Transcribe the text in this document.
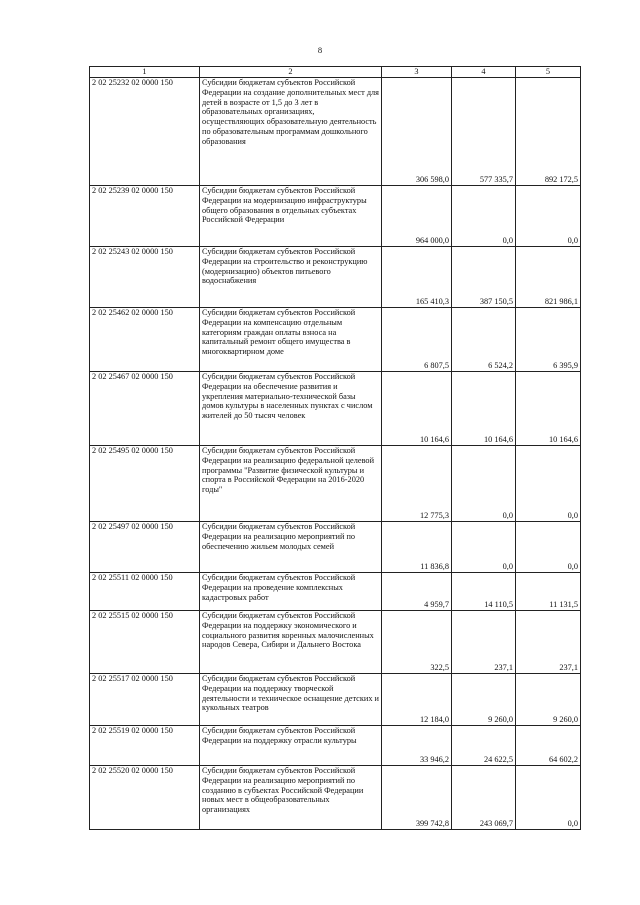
8
1	2	3	4	5
2 02 25232 02 0000 150	Субсидии бюджетам субъектов Российской Федерации на создание дополнительных мест для детей в возрасте от 1,5 до 3 лет в образовательных организациях, осуществляющих образовательную деятельность по образовательным программам дошкольного образования	306 598,0	577 335,7	892 172,5
2 02 25239 02 0000 150	Субсидии бюджетам субъектов Российской Федерации на модернизацию инфраструктуры общего образования в отдельных субъектах Российской Федерации	964 000,0	0,0	0,0
2 02 25243 02 0000 150	Субсидии бюджетам субъектов Российской Федерации на строительство и реконструкцию (модернизацию) объектов питьевого водоснабжения	165 410,3	387 150,5	821 986,1
2 02 25462 02 0000 150	Субсидии бюджетам субъектов Российской Федерации на компенсацию отдельным категориям граждан оплаты взноса на капитальный ремонт общего имущества в многоквартирном доме	6 807,5	6 524,2	6 395,9
2 02 25467 02 0000 150	Субсидии бюджетам субъектов Российской Федерации на обеспечение развития и укрепления материально-технической базы домов культуры в населенных пунктах с числом жителей до 50 тысяч человек	10 164,6	10 164,6	10 164,6
2 02 25495 02 0000 150	Субсидии бюджетам субъектов Российской Федерации на реализацию федеральной целевой программы "Развитие физической культуры и спорта в Российской Федерации на 2016-2020 годы"	12 775,3	0,0	0,0
2 02 25497 02 0000 150	Субсидии бюджетам субъектов Российской Федерации на реализацию мероприятий по обеспечению жильем молодых семей	11 836,8	0,0	0,0
2 02 25511 02 0000 150	Субсидии бюджетам субъектов Российской Федерации на проведение комплексных кадастровых работ	4 959,7	14 110,5	11 131,5
2 02 25515 02 0000 150	Субсидии бюджетам субъектов Российской Федерации на поддержку экономического и социального развития коренных малочисленных народов Севера, Сибири и Дальнего Востока	322,5	237,1	237,1
2 02 25517 02 0000 150	Субсидии бюджетам субъектов Российской Федерации на поддержку творческой деятельности и техническое оснащение детских и кукольных театров	12 184,0	9 260,0	9 260,0
2 02 25519 02 0000 150	Субсидии бюджетам субъектов Российской Федерации на поддержку отрасли культуры	33 946,2	24 622,5	64 602,2
2 02 25520 02 0000 150	Субсидии бюджетам субъектов Российской Федерации на реализацию мероприятий по созданию в субъектах Российской Федерации новых мест в общеобразовательных организациях	399 742,8	243 069,7	0,0
